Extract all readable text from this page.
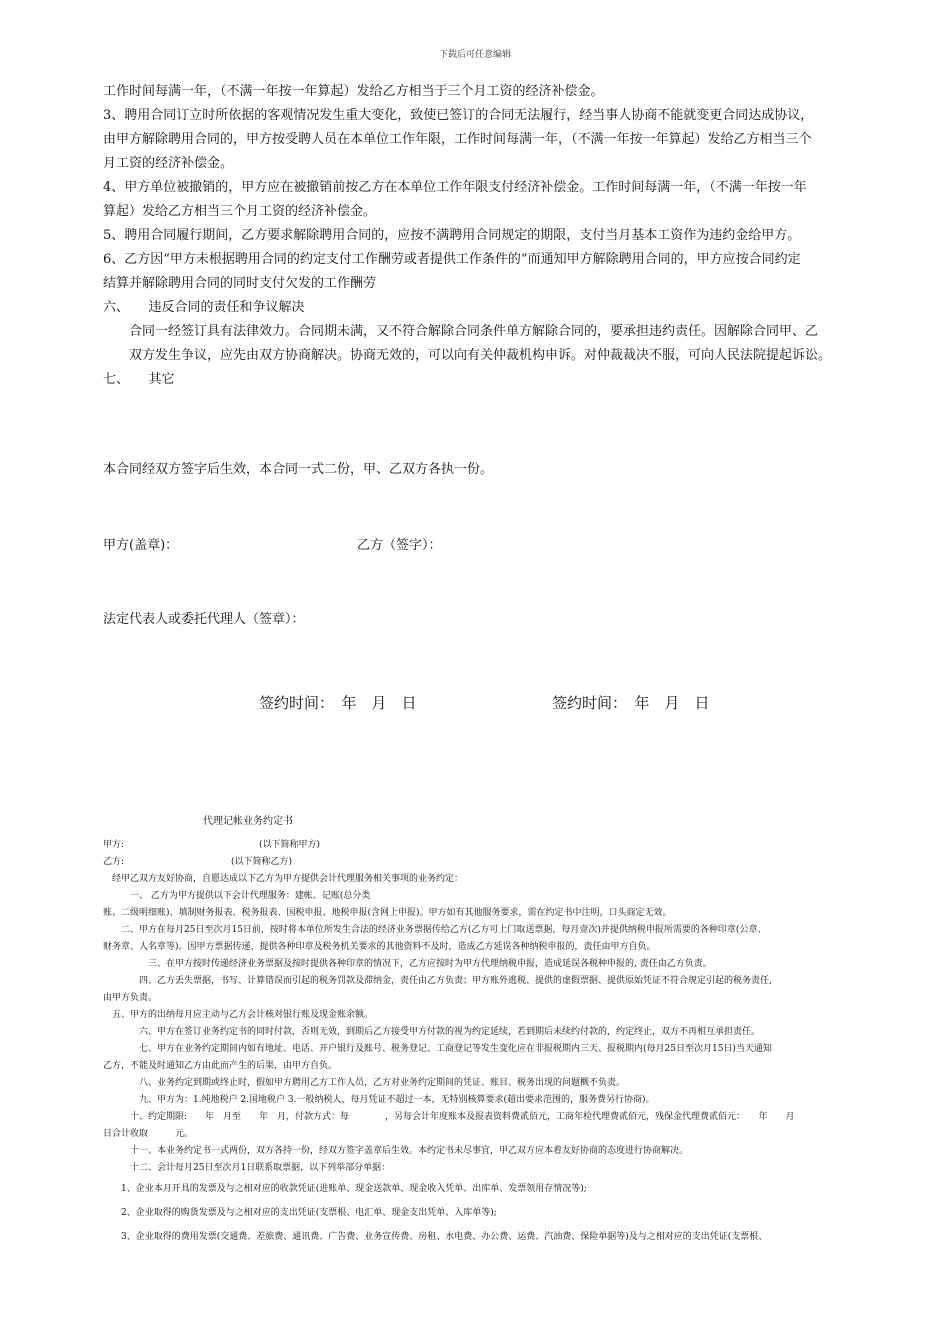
下载后可任意编辑
工作时间每满一年，（不满一年按一年算起）发给乙方相当于三个月工资的经济补偿金。
3、聘用合同订立时所依据的客观情况发生重大变化，致使已签订的合同无法履行，经当事人协商不能就变更合同达成协议，
由甲方解除聘用合同的，甲方按受聘人员在本单位工作年限，工作时间每满一年，（不满一年按一年算起）发给乙方相当三个
月工资的经济补偿金。
4、甲方单位被撤销的，甲方应在被撤销前按乙方在本单位工作年限支付经济补偿金。工作时间每满一年，（不满一年按一年
算起）发给乙方相当三个月工资的经济补偿金。
5、聘用合同履行期间，乙方要求解除聘用合同的，应按不满聘用合同规定的期限，支付当月基本工资作为违约金给甲方。
6、乙方因“甲方未根据聘用合同的约定支付工作酬劳或者提供工作条件的”而通知甲方解除聘用合同的，甲方应按合同约定
结算并解除聘用合同的同时支付欠发的工作酬劳
六、　　违反合同的责任和争议解决
合同一经签订具有法律效力。合同期未满，又不符合解除合同条件单方解除合同的，要承担违约责任。因解除合同甲、乙
双方发生争议，应先由双方协商解决。协商无效的，可以向有关仲裁机构申诉。对仲裁裁决不服，可向人民法院提起诉讼。
七、　　其它
本合同经双方签字后生效，本合同一式二份，甲、乙双方各执一份。
甲方(盖章)：	乙方（签字）：
法定代表人或委托代理人（签章）：
签约时间：　年　月　日	签约时间：　年　月　日
代理记帐业务约定书
甲方:	(以下简称甲方)
乙方:	(以下简称乙方)
　经甲乙双方友好协商，自愿达成以下乙方为甲方提供会计代理服务相关事项的业务约定：
　　　一、 乙方为甲方提供以下会计代理服务：建帐、记账(总分类
账、二级明细账)、填制财务报表、税务报表、国税申报、地税申报(含网上申报)。甲方如有其他服务要求，需在约定书中注明，口头商定无效。
　　二、甲方在每月25日至次月15日前，按时将本单位所发生合法的经济业务票据传给乙方(乙方可上门取送票据，每月壹次)并提供纳税申报所需要的各种印章(公章、
财务章、人名章等)。因甲方票据传递、提供各种印章及税务机关要求的其他资料不及时，造成乙方延误各种纳税申报的，责任由甲方自负。
　　　　　三、在甲方按时传递经济业务票据及按时提供各种印章的情况下，乙方应按时为甲方代理纳税申报，造成延误各税种申报的, 责任由乙方负责。
　　　　四、乙方丢失票据，书写、计算错误而引起的税务罚款及滞纳金，责任由乙方负责；甲方账外逃税、提供的虚假票据、提供原始凭证不符合规定引起的税务责任,
由甲方负责。
　五、甲方的出纳每月应主动与乙方会计核对银行账及现金账余额。
　　　　六、甲方在签订业务约定书的同时付款，否则无效，到期后乙方接受甲方付款的视为约定延续，若到期后未续约付款的，约定终止，双方不再相互承担责任。
　　　　七、甲方在业务约定期间内如有地址、电话、开户银行及账号、税务登记、工商登记等发生变化应在非报税期内三天、报税期内(每月25日至次月15日)当天通知
乙方，不能及时通知乙方由此而产生的后果，由甲方自负。
　　　　八、业务约定到期或终止时，假如甲方聘用乙方工作人员，乙方对业务约定期间的凭证、账目、税务出现的问题概不负责。
　　　　九、甲方为：1.纯地税户 2.国地税户 3.一般纳税人，每月凭证不超过一本，无特别核算要求(超出要求范围的，服务费另行协商)。
　　　十、约定期限:　　年　月至　　年　月，付款方式：每　　　　，另每会计年度账本及报表资料费贰佰元，工商年检代理费贰佰元，残保金代理费贰佰元：　　年　　月
日合计收取　　　元。
　　　十一、本业务约定书一式两份，双方各持一份，经双方签字盖章后生效。本约定书未尽事宜，甲乙双方应本着友好协商的态度进行协商解决。
　　　十二、会计每月25日至次月1日联系取票据，以下列举部分单据：
　　1、企业本月开具的发票及与之相对应的收款凭证(进账单、现金送款单、现金收入凭单、出库单、发票领用存情况等);
　　2、企业取得的购货发票及与之相对应的支出凭证(支票根、电汇单、现金支出凭单、入库单等);
　　3、企业取得的费用发票(交通费、差旅费、通讯费、广告费、业务宣传费、房租、水电费、办公费、运费、汽油费、保险单据等)及与之相对应的支出凭证(支票根、
